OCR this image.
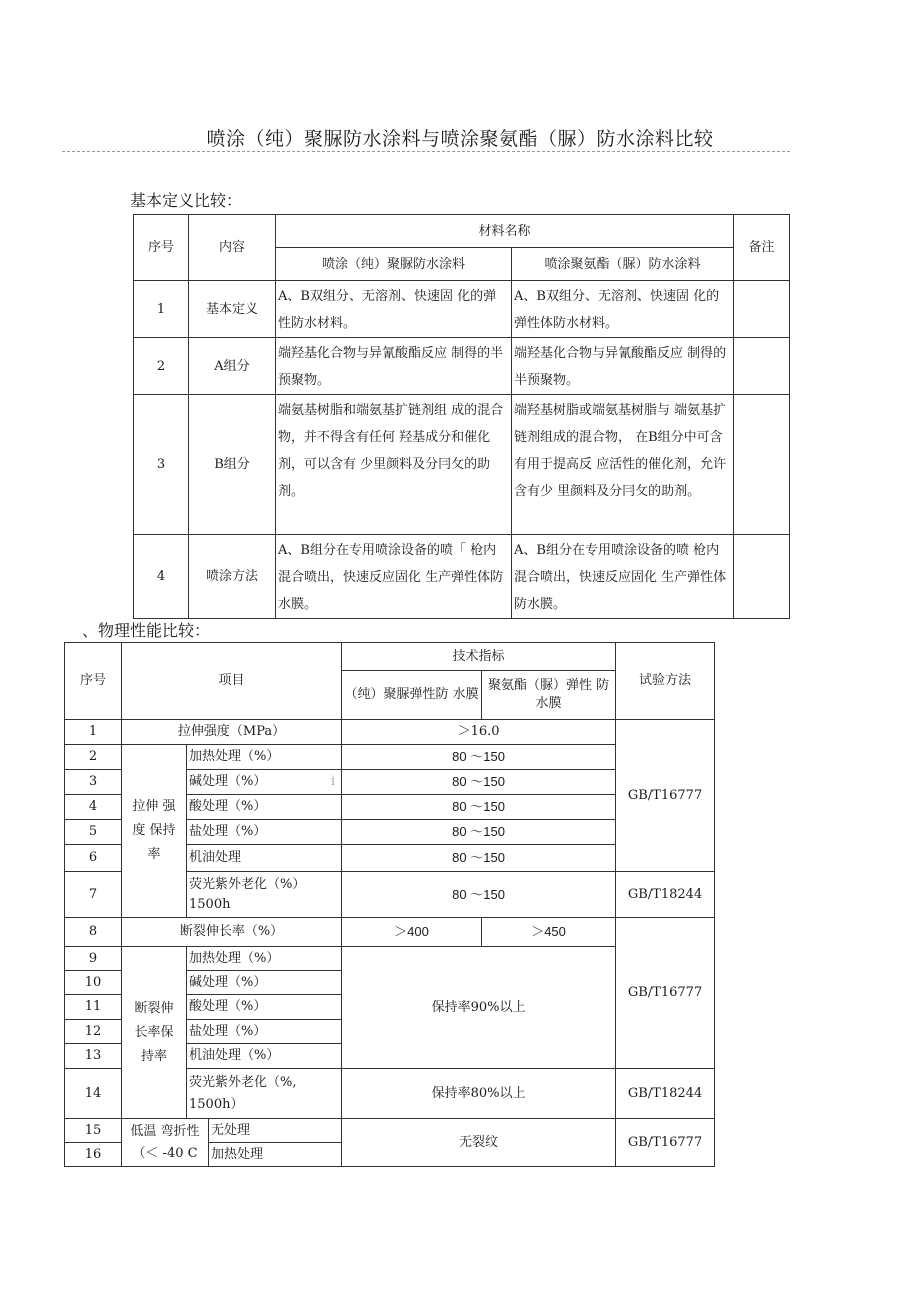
喷涂（纯）聚脲防水涂料与喷涂聚氨酯（脲）防水涂料比较
基本定义比较：
序号	内容	材料名称		备注
		喷涂（纯）聚脲防水涂料	喷涂聚氨酯（脲）防水涂料	
1	基本定义	A、B双组分、无溶剂、快速固 化的弹性防水材料。	A、B双组分、无溶剂、快速固 化的弹性体防水材料。	
2	A组分	端羟基化合物与异氰酸酯反应 制得的半预聚物。	端羟基化合物与异氰酸酯反应 制得的半预聚物。	
3	B组分	端氨基树脂和端氨基扩链剂组 成的混合物，并不得含有任何 羟基成分和催化剂，可以含有 少里颜料及分冃攵的助剂。	端羟基树脂或端氨基树脂与 端氨基扩链剂组成的混合物， 在B组分中可含有用于提高反 应活性的催化剂，允许含有少 里颜料及分冃攵的助剂。	
4	喷涂方法	A、B组分在专用喷涂设备的喷「 枪内混合喷出，快速反应固化 生产弹性体防水膜。	A、B组分在专用喷涂设备的喷 枪内混合喷出，快速反应固化 生产弹性体防水膜。	
、物理性能比较：
序号	项目			技术指标		试验方法
				（纯）聚脲弹性防 水膜	聚氨酯（脲）弹性 防水膜	
1	拉伸强度（MPa）			＞16.0		GB/T16777
2	拉伸 强度 保持率	加热处理（%）		80 ～150		
3		碱处理（%） i		80 ～150		
4		酸处理（%）		80 ～150		
5		盐处理（%）		80 ～150		
6		机油处理		80 ～150		
7		荧光紫外老化（%） 1500h		80 ～150		GB/T18244
8	断裂伸长率（%）			＞400	＞450	GB/T16777
9	断裂伸长率保持率	加热处理（%）		保持率90%以上		
10		碱处理（%）				
11		酸处理（%）				
12		盐处理（%）				
13		机油处理（%）				
14		荧光紫外老化（%, 1500h）		保持率80%以上		GB/T18244
15	低温 弯折性（＜ -40 C		无处理	无裂纹		GB/T16777
16			加热处理			
